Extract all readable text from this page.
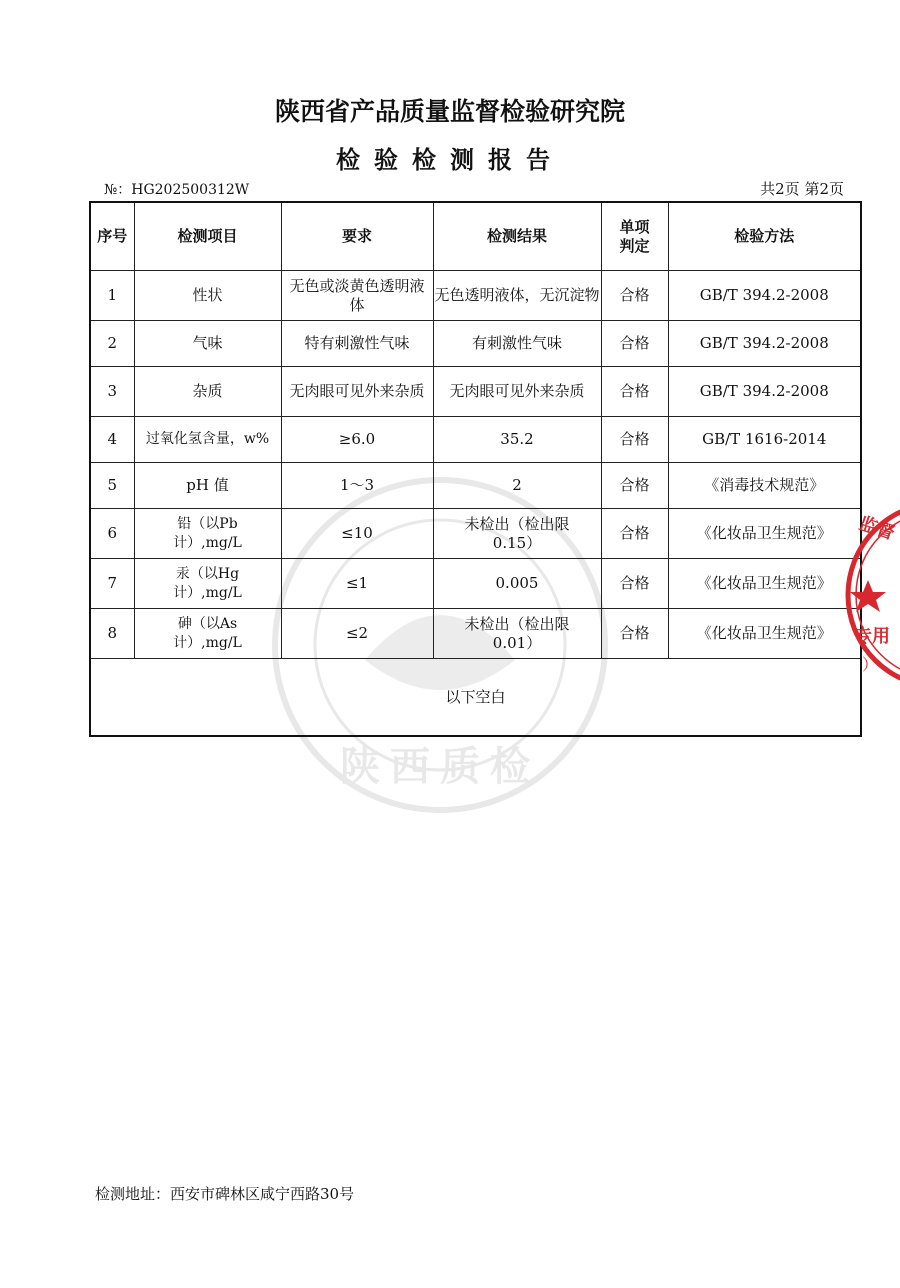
陕西质检
陕西省产品质量监督检验研究院
检验检测报告
№：HG202500312W	共2页 第2页
序号	检测项目	要求	检测结果	单项判定	检验方法
1	性状	无色或淡黄色透明液体	无色透明液体，无沉淀物	合格	GB/T 394.2-2008
2	气味	特有刺激性气味	有刺激性气味	合格	GB/T 394.2-2008
3	杂质	无肉眼可见外来杂质	无肉眼可见外来杂质	合格	GB/T 394.2-2008
4	过氧化氢含量，w%	≥6.0	35.2	合格	GB/T 1616-2014
5	pH 值	1～3	2	合格	《消毒技术规范》
6	铅（以Pb计）,mg/L	≤10	未检出（检出限0.15）	合格	《化妆品卫生规范》
7	汞（以Hg计）,mg/L	≤1	0.005	合格	《化妆品卫生规范》
8	砷（以As计）,mg/L	≤2	未检出（检出限0.01）	合格	《化妆品卫生规范》
以下空白					
监督
专用
）
检测地址：西安市碑林区咸宁西路30号
